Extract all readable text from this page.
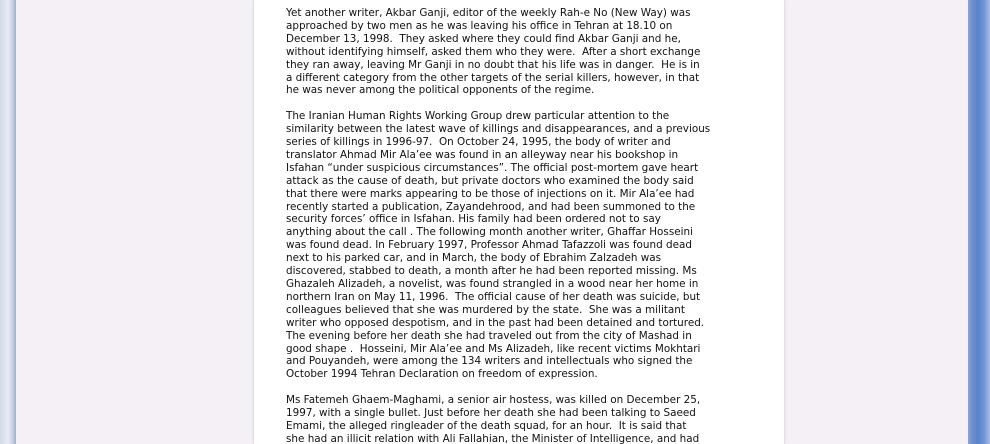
Yet another writer, Akbar Ganji, editor of the weekly Rah-e No (New Way) was
approached by two men as he was leaving his office in Tehran at 18.10 on
December 13, 1998.  They asked where they could find Akbar Ganji and he,
without identifying himself, asked them who they were.  After a short exchange
they ran away, leaving Mr Ganji in no doubt that his life was in danger.  He is in
a different category from the other targets of the serial killers, however, in that
he was never among the political opponents of the regime.

The Iranian Human Rights Working Group drew particular attention to the
similarity between the latest wave of killings and disappearances, and a previous
series of killings in 1996-97.  On October 24, 1995, the body of writer and
translator Ahmad Mir Ala’ee was found in an alleyway near his bookshop in
Isfahan “under suspicious circumstances”. The official post-mortem gave heart
attack as the cause of death, but private doctors who examined the body said
that there were marks appearing to be those of injections on it. Mir Ala’ee had
recently started a publication, Zayandehrood, and had been summoned to the
security forces’ office in Isfahan. His family had been ordered not to say
anything about the call . The following month another writer, Ghaffar Hosseini
was found dead. In February 1997, Professor Ahmad Tafazzoli was found dead
next to his parked car, and in March, the body of Ebrahim Zalzadeh was
discovered, stabbed to death, a month after he had been reported missing. Ms
Ghazaleh Alizadeh, a novelist, was found strangled in a wood near her home in
northern Iran on May 11, 1996.  The official cause of her death was suicide, but
colleagues believed that she was murdered by the state.  She was a militant
writer who opposed despotism, and in the past had been detained and tortured.
The evening before her death she had traveled out from the city of Mashad in
good shape .  Hosseini, Mir Ala’ee and Ms Alizadeh, like recent victims Mokhtari
and Pouyandeh, were among the 134 writers and intellectuals who signed the
October 1994 Tehran Declaration on freedom of expression.

Ms Fatemeh Ghaem-Maghami, a senior air hostess, was killed on December 25,
1997, with a single bullet. Just before her death she had been talking to Saeed
Emami, the alleged ringleader of the death squad, for an hour.  It is said that
she had an illicit relation with Ali Fallahian, the Minister of Intelligence, and had
